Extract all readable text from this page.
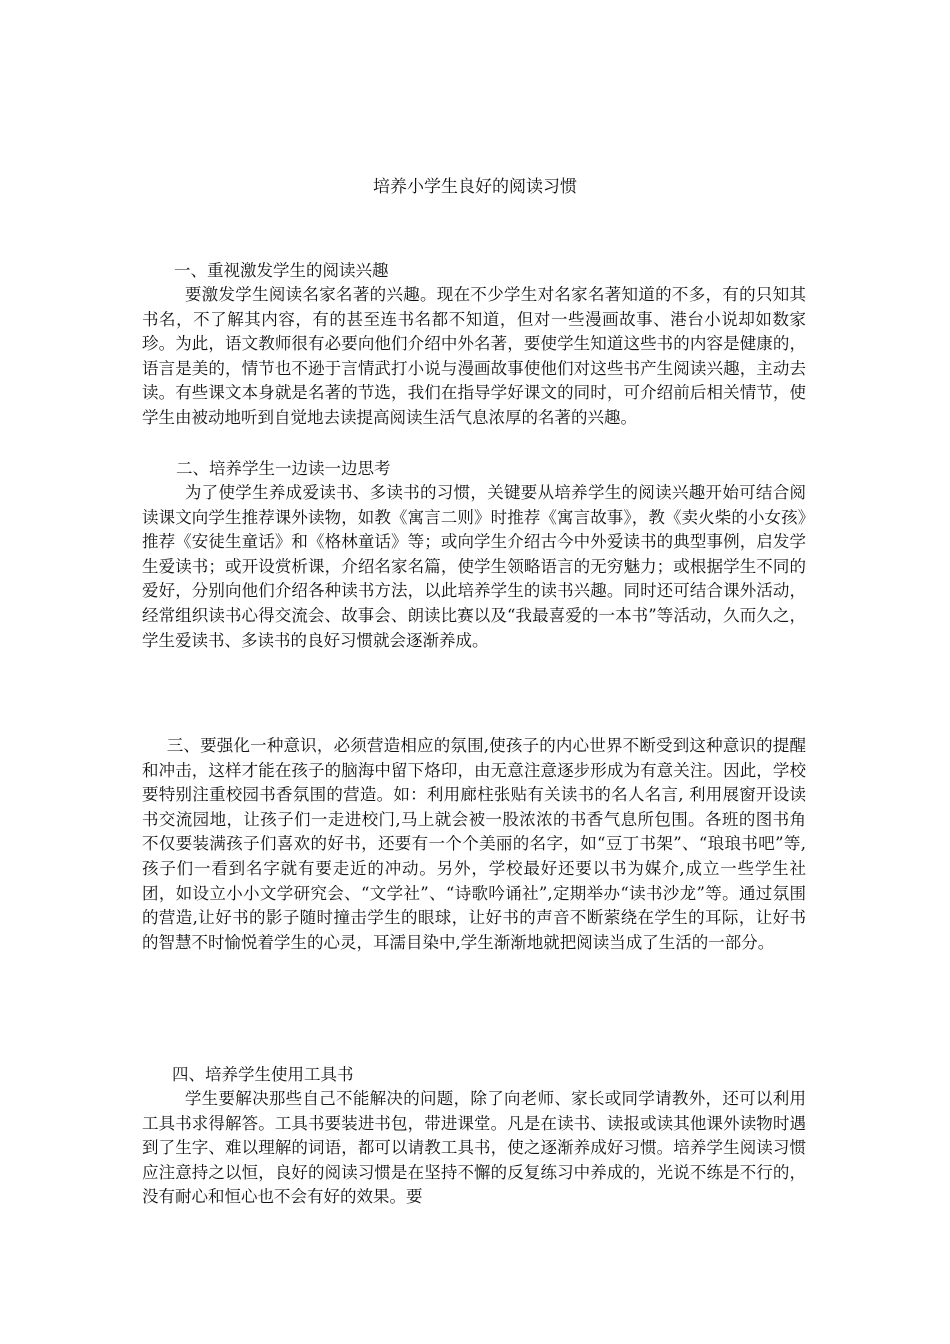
培养小学生良好的阅读习惯

一、重视激发学生的阅读兴趣

要激发学生阅读名家名著的兴趣。现在不少学生对名家名著知道的不多，有的只知其书名，不了解其内容，有的甚至连书名都不知道，但对一些漫画故事、港台小说却如数家珍。为此，语文教师很有必要向他们介绍中外名著，要使学生知道这些书的内容是健康的，语言是美的，情节也不逊于言情武打小说与漫画故事使他们对这些书产生阅读兴趣，主动去读。有些课文本身就是名著的节选，我们在指导学好课文的同时，可介绍前后相关情节，使学生由被动地听到自觉地去读提高阅读生活气息浓厚的名著的兴趣。

二、培养学生一边读一边思考

为了使学生养成爱读书、多读书的习惯，关键要从培养学生的阅读兴趣开始可结合阅读课文向学生推荐课外读物，如教《寓言二则》时推荐《寓言故事》，教《卖火柴的小女孩》推荐《安徒生童话》和《格林童话》等；或向学生介绍古今中外爱读书的典型事例，启发学生爱读书；或开设赏析课，介绍名家名篇，使学生领略语言的无穷魅力；或根据学生不同的爱好，分别向他们介绍各种读书方法，以此培养学生的读书兴趣。同时还可结合课外活动，经常组织读书心得交流会、故事会、朗读比赛以及“我最喜爱的一本书”等活动，久而久之，学生爱读书、多读书的良好习惯就会逐渐养成。

三、要强化一种意识，必须营造相应的氛围,使孩子的内心世界不断受到这种意识的提醒和冲击，这样才能在孩子的脑海中留下烙印，由无意注意逐步形成为有意关注。因此，学校要特别注重校园书香氛围的营造。如：利用廊柱张贴有关读书的名人名言, 利用展窗开设读书交流园地，让孩子们一走进校门,马上就会被一股浓浓的书香气息所包围。各班的图书角不仅要装满孩子们喜欢的好书，还要有一个个美丽的名字，如“豆丁书架”、“琅琅书吧”等,孩子们一看到名字就有要走近的冲动。另外，学校最好还要以书为媒介,成立一些学生社团，如设立小小文学研究会、“文学社”、“诗歌吟诵社”,定期举办“读书沙龙”等。通过氛围的营造,让好书的影子随时撞击学生的眼球，让好书的声音不断萦绕在学生的耳际，让好书的智慧不时愉悦着学生的心灵，耳濡目染中,学生渐渐地就把阅读当成了生活的一部分。

四、培养学生使用工具书

学生要解决那些自己不能解决的问题，除了向老师、家长或同学请教外，还可以利用工具书求得解答。工具书要装进书包，带进课堂。凡是在读书、读报或读其他课外读物时遇到了生字、难以理解的词语，都可以请教工具书，使之逐渐养成好习惯。培养学生阅读习惯应注意持之以恒，良好的阅读习惯是在坚持不懈的反复练习中养成的，光说不练是不行的，没有耐心和恒心也不会有好的效果。要
